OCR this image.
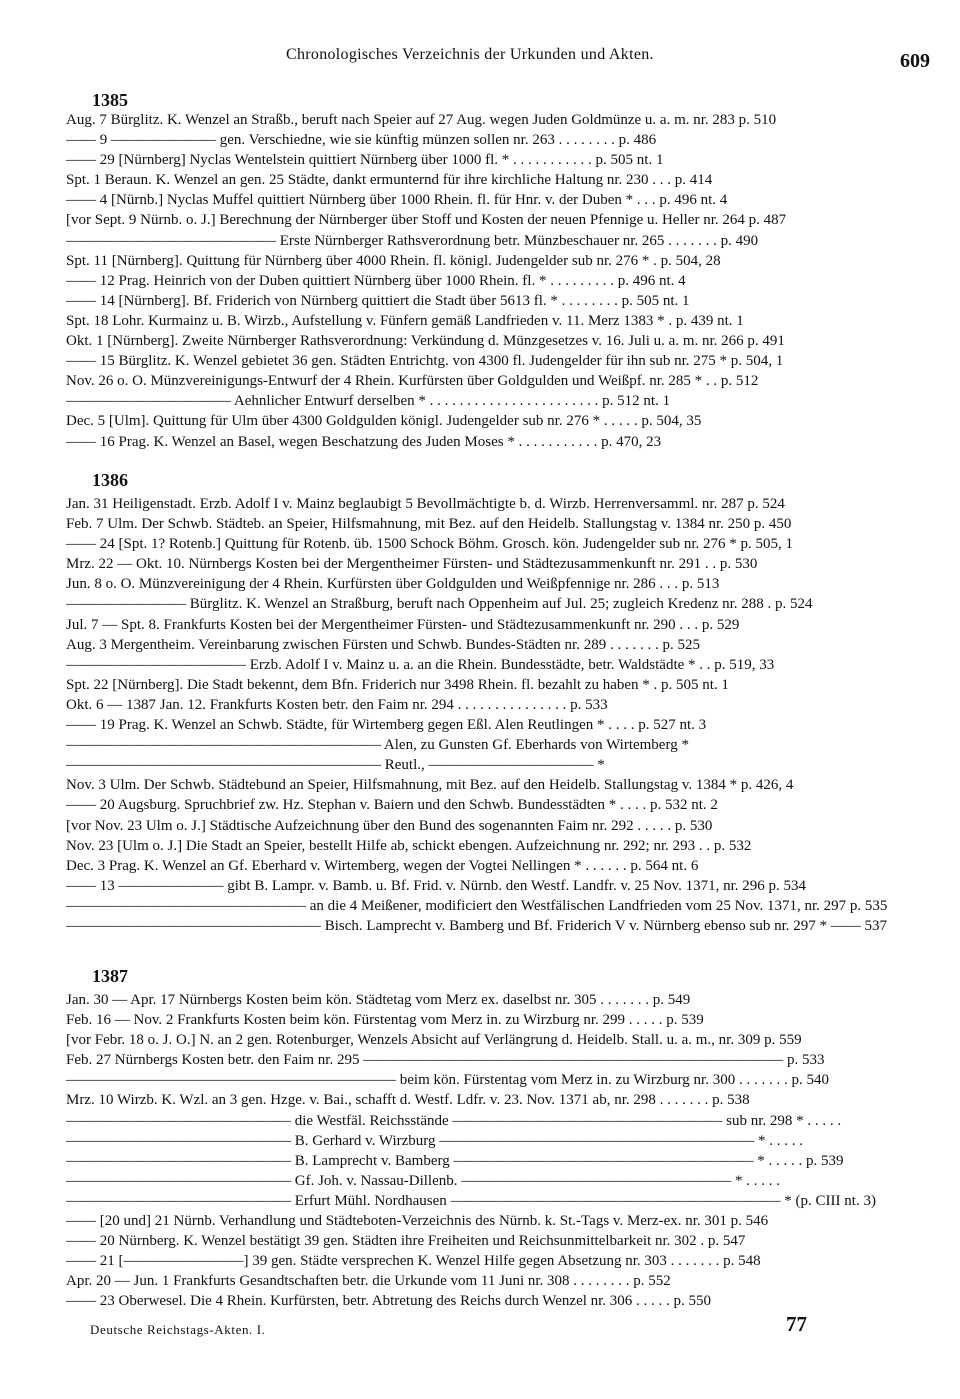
Chronologisches Verzeichnis der Urkunden und Akten.	609
1385
Aug. 7 Bürglitz. K. Wenzel an Straßb., beruft nach Speier auf 27 Aug. wegen Juden Goldmünze u. a. m. nr. 283 p. 510
—— 9 ——————— gen. Verschiedne, wie sie künftig münzen sollen nr. 263 . . . . . . . . p. 486
—— 29 [Nürnberg] Nyclas Wentelstein quittiert Nürnberg über 1000 fl. * . . . . . . . . . . . p. 505 nt. 1
Spt. 1 Beraun. K. Wenzel an gen. 25 Städte, dankt ermunternd für ihre kirchliche Haltung nr. 230 . . . p. 414
—— 4 [Nürnb.] Nyclas Muffel quittiert Nürnberg über 1000 Rhein. fl. für Hnr. v. der Duben * . . . p. 496 nt. 4
[vor Sept. 9 Nürnb. o. J.] Berechnung der Nürnberger über Stoff und Kosten der neuen Pfennige u. Heller nr. 264 p. 487
—————————————— Erste Nürnberger Rathsverordnung betr. Münzbeschauer nr. 265 . . . . . . . p. 490
Spt. 11 [Nürnberg]. Quittung für Nürnberg über 4000 Rhein. fl. königl. Judengelder sub nr. 276 * . p. 504, 28
—— 12 Prag. Heinrich von der Duben quittiert Nürnberg über 1000 Rhein. fl. * . . . . . . . . . p. 496 nt. 4
—— 14 [Nürnberg]. Bf. Friderich von Nürnberg quittiert die Stadt über 5613 fl. * . . . . . . . . p. 505 nt. 1
Spt. 18 Lohr. Kurmainz u. B. Wirzb., Aufstellung v. Fünfern gemäß Landfrieden v. 11. Merz 1383 * . p. 439 nt. 1
Okt. 1 [Nürnberg]. Zweite Nürnberger Rathsverordnung: Verkündung d. Münzgesetzes v. 16. Juli u. a. m. nr. 266 p. 491
—— 15 Bürglitz. K. Wenzel gebietet 36 gen. Städten Entrichtg. von 4300 fl. Judengelder für ihn sub nr. 275 * p. 504, 1
Nov. 26 o. O. Münzvereinigungs-Entwurf der 4 Rhein. Kurfürsten über Goldgulden und Weißpf. nr. 285 * . . p. 512
——————————— Aehnlicher Entwurf derselben * . . . . . . . . . . . . . . . . . . . . . . . p. 512 nt. 1
Dec. 5 [Ulm]. Quittung für Ulm über 4300 Goldgulden königl. Judengelder sub nr. 276 * . . . . . p. 504, 35
—— 16 Prag. K. Wenzel an Basel, wegen Beschatzung des Juden Moses * . . . . . . . . . . . p. 470, 23
1386
Jan. 31 Heiligenstadt. Erzb. Adolf I v. Mainz beglaubigt 5 Bevollmächtigte b. d. Wirzb. Herrenversamml. nr. 287 p. 524
Feb. 7 Ulm. Der Schwb. Städteb. an Speier, Hilfsmahnung, mit Bez. auf den Heidelb. Stallungstag v. 1384 nr. 250 p. 450
—— 24 [Spt. 1? Rotenb.] Quittung für Rotenb. üb. 1500 Schock Böhm. Grosch. kön. Judengelder sub nr. 276 * p. 505, 1
Mrz. 22 — Okt. 10. Nürnbergs Kosten bei der Mergentheimer Fürsten- und Städtezusammenkunft nr. 291 . . p. 530
Jun. 8 o. O. Münzvereinigung der 4 Rhein. Kurfürsten über Goldgulden und Weißpfennige nr. 286 . . . p. 513
———————— Bürglitz. K. Wenzel an Straßburg, beruft nach Oppenheim auf Jul. 25; zugleich Kredenz nr. 288 . p. 524
Jul. 7 — Spt. 8. Frankfurts Kosten bei der Mergentheimer Fürsten- und Städtezusammenkunft nr. 290 . . . p. 529
Aug. 3 Mergentheim. Vereinbarung zwischen Fürsten und Schwb. Bundes-Städten nr. 289 . . . . . . . p. 525
———————————— Erzb. Adolf I v. Mainz u. a. an die Rhein. Bundesstädte, betr. Waldstädte * . . p. 519, 33
Spt. 22 [Nürnberg]. Die Stadt bekennt, dem Bfn. Friderich nur 3498 Rhein. fl. bezahlt zu haben * . p. 505 nt. 1
Okt. 6 — 1387 Jan. 12. Frankfurts Kosten betr. den Faim nr. 294 . . . . . . . . . . . . . . . p. 533
—— 19 Prag. K. Wenzel an Schwb. Städte, für Wirtemberg gegen Eßl. Alen Reutlingen * . . . . p. 527 nt. 3
————————————————————— Alen, zu Gunsten Gf. Eberhards von Wirtemberg *
————————————————————— Reutl., ——————————— *
Nov. 3 Ulm. Der Schwb. Städtebund an Speier, Hilfsmahnung, mit Bez. auf den Heidelb. Stallungstag v. 1384 * p. 426, 4
—— 20 Augsburg. Spruchbrief zw. Hz. Stephan v. Baiern und den Schwb. Bundesstädten * . . . . p. 532 nt. 2
[vor Nov. 23 Ulm o. J.] Städtische Aufzeichnung über den Bund des sogenannten Faim nr. 292 . . . . . p. 530
Nov. 23 [Ulm o. J.] Die Stadt an Speier, bestellt Hilfe ab, schickt ebengen. Aufzeichnung nr. 292; nr. 293 . . p. 532
Dec. 3 Prag. K. Wenzel an Gf. Eberhard v. Wirtemberg, wegen der Vogtei Nellingen * . . . . . . p. 564 nt. 6
—— 13 ——————— gibt B. Lampr. v. Bamb. u. Bf. Frid. v. Nürnb. den Westf. Landfr. v. 25 Nov. 1371, nr. 296 p. 534
———————————————— an die 4 Meißener, modificiert den Westfälischen Landfrieden vom 25 Nov. 1371, nr. 297 p. 535
————————————————— Bisch. Lamprecht v. Bamberg und Bf. Friderich V v. Nürnberg ebenso sub nr. 297 * —— 537
1387
Jan. 30 — Apr. 17 Nürnbergs Kosten beim kön. Städtetag vom Merz ex. daselbst nr. 305 . . . . . . . p. 549
Feb. 16 — Nov. 2 Frankfurts Kosten beim kön. Fürstentag vom Merz in. zu Wirzburg nr. 299 . . . . . p. 539
[vor Febr. 18 o. J. O.] N. an 2 gen. Rotenburger, Wenzels Absicht auf Verlängrung d. Heidelb. Stall. u. a. m., nr. 309 p. 559
Feb. 27 Nürnbergs Kosten betr. den Faim nr. 295 ———————————————————————————— p. 533
—————————————————————— beim kön. Fürstentag vom Merz in. zu Wirzburg nr. 300 . . . . . . . p. 540
Mrz. 10 Wirzb. K. Wzl. an 3 gen. Hzge. v. Bai., schafft d. Westf. Ldfr. v. 23. Nov. 1371 ab, nr. 298 . . . . . . . p. 538
——————————————— die Westfäl. Reichsstände —————————————————— sub nr. 298 * . . . . .
——————————————— B. Gerhard v. Wirzburg ————————————————————— * . . . . .
——————————————— B. Lamprecht v. Bamberg ———————————————————— * . . . . . p. 539
——————————————— Gf. Joh. v. Nassau-Dillenb. —————————————————— * . . . . .
——————————————— Erfurt Mühl. Nordhausen —————————————————————— * (p. CIII nt. 3)
—— [20 und] 21 Nürnb. Verhandlung und Städteboten-Verzeichnis des Nürnb. k. St.-Tags v. Merz-ex. nr. 301 p. 546
—— 20 Nürnberg. K. Wenzel bestätigt 39 gen. Städten ihre Freiheiten und Reichsunmittelbarkeit nr. 302 . p. 547
—— 21 [————————] 39 gen. Städte versprechen K. Wenzel Hilfe gegen Absetzung nr. 303 . . . . . . . p. 548
Apr. 20 — Jun. 1 Frankfurts Gesandtschaften betr. die Urkunde vom 11 Juni nr. 308 . . . . . . . . p. 552
—— 23 Oberwesel. Die 4 Rhein. Kurfürsten, betr. Abtretung des Reichs durch Wenzel nr. 306 . . . . . p. 550
Deutsche Reichstags-Akten. I.	77
